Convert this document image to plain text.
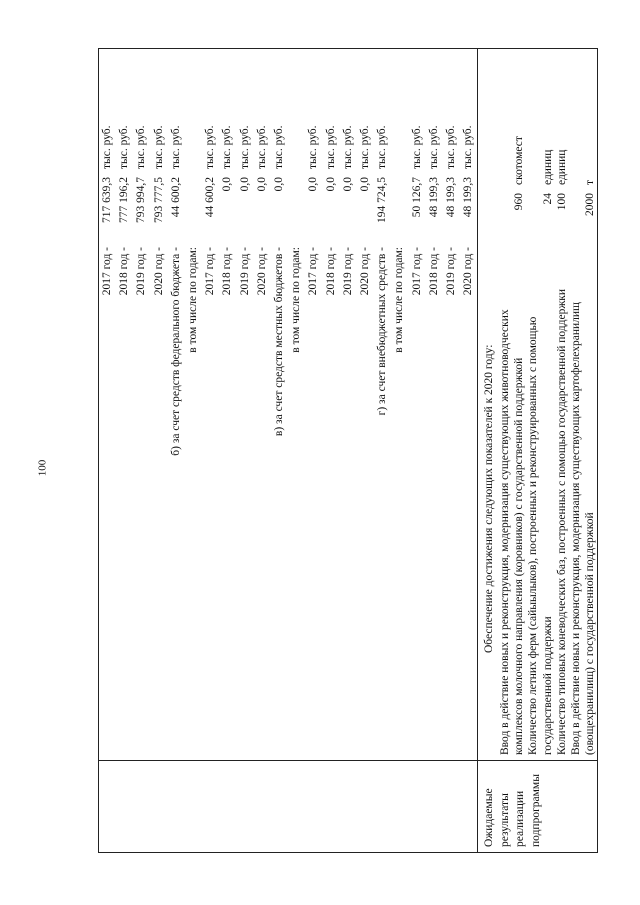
100
Ожидаемые результаты реализации подпрограммы
2017 год -
717 639,3
тыс. руб.
2018 год -
777 196,2
тыс. руб.
2019 год -
793 994,7
тыс. руб.
2020 год -
793 777,5
тыс. руб.
б) за счет средств федерального бюджета -
44 600,2
тыс. руб.
в том числе по годам: 2017 год -
44 600,2
тыс. руб.
2018 год -
0,0
тыс. руб.
2019 год -
0,0
тыс. руб.
2020 год -
0,0
тыс. руб.
в) за счет средств местных бюджетов -
0,0
тыс. руб.
в том числе по годам: 2017 год -
0,0
тыс. руб.
2018 год -
0,0
тыс. руб.
2019 год -
0,0
тыс. руб.
2020 год -
0,0
тыс. руб.
г) за счет внебюджетных средств -
194 724,5
тыс. руб.
в том числе по годам: 2017 год -
50 126,7
тыс. руб.
2018 год -
48 199,3
тыс. руб.
2019 год -
48 199,3
тыс. руб.
2020 год -
48 199,3
тыс. руб.
Обеспечение достижения следующих показателей к 2020 году: Ввод в действие новых и реконструкция, модернизация существующих животноводческих комплексов молочного направления (коровников) с государственной поддержкой
960
скотомест
Количество летних ферм (сайыылыков), построенных и реконструированных с помощью государственной поддержки
24
единиц
Количество типовых коневодческих баз, построенных с помощью государственной поддержки
100
единиц
Ввод в действие новых и реконструкция, модернизация существующих картофелехранилищ (овощехранилищ) с государственной поддержкой
2000
т
